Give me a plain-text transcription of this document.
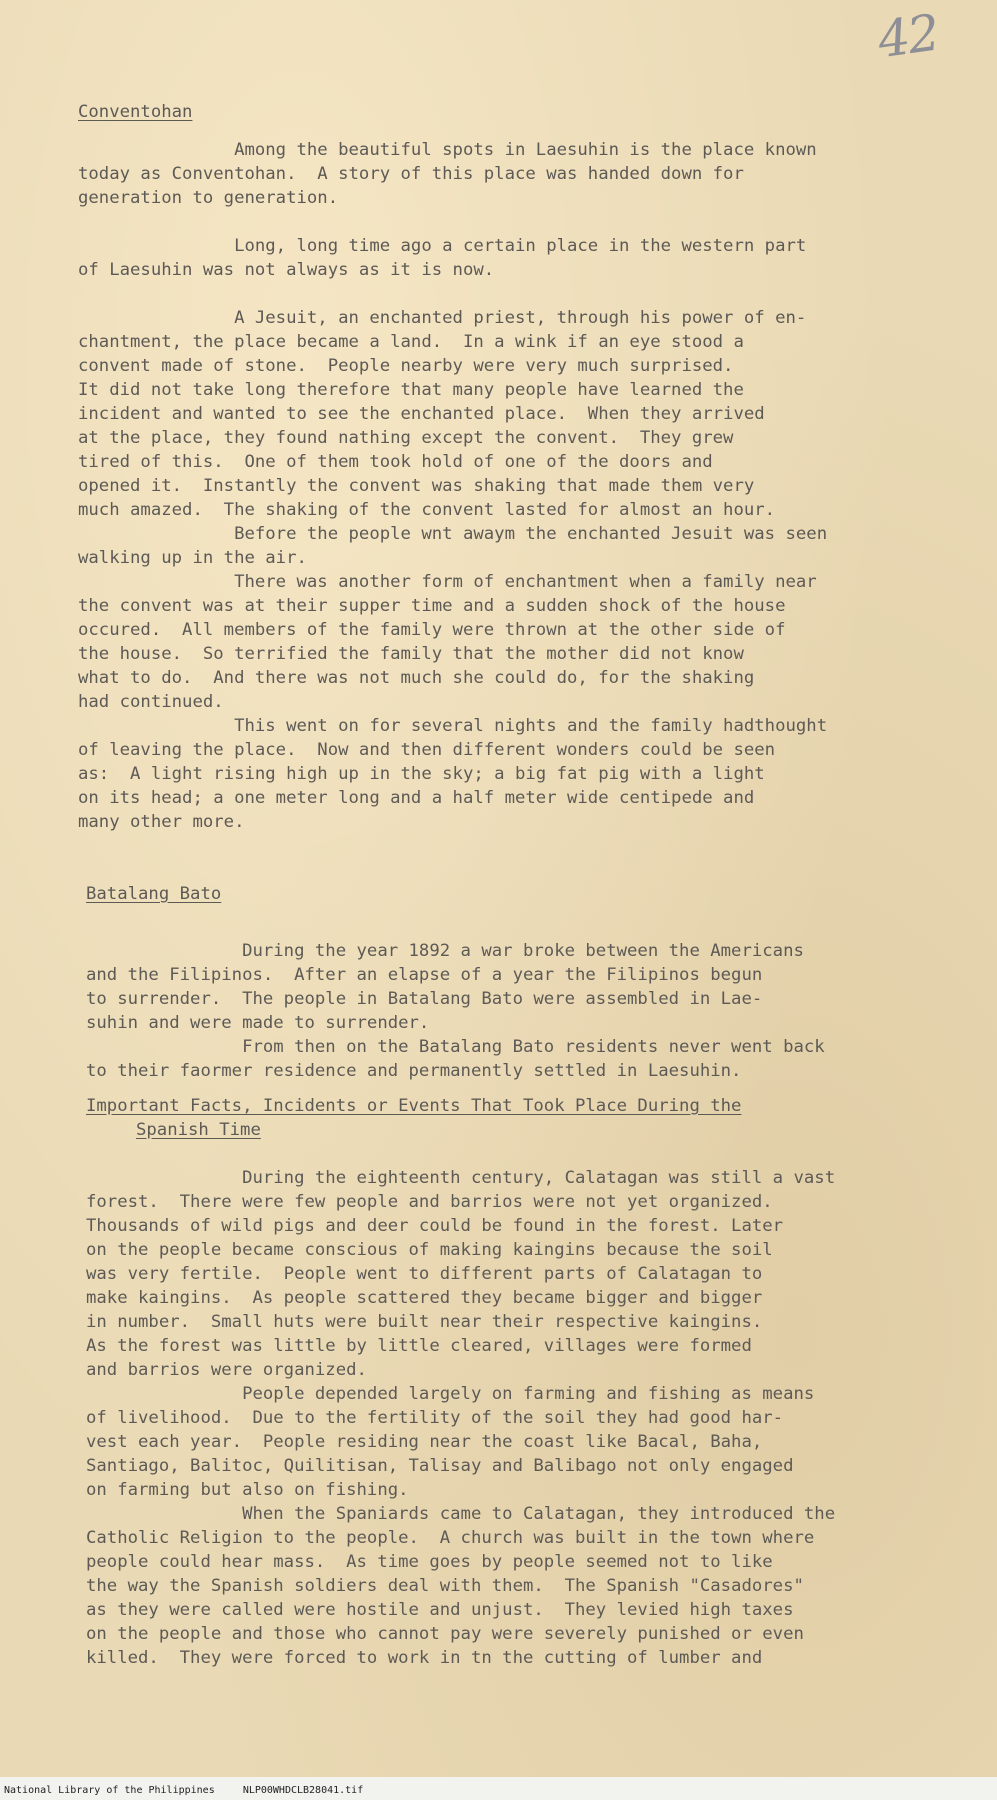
42
Conventohan
Among the beautiful spots in Laesuhin is the place known
today as Conventohan.  A story of this place was handed down for
generation to generation.
Long, long time ago a certain place in the western part
of Laesuhin was not always as it is now.
A Jesuit, an enchanted priest, through his power of en-
chantment, the place became a land.  In a wink if an eye stood a
convent made of stone.  People nearby were very much surprised.
It did not take long therefore that many people have learned the
incident and wanted to see the enchanted place.  When they arrived
at the place, they found nathing except the convent.  They grew
tired of this.  One of them took hold of one of the doors and
opened it.  Instantly the convent was shaking that made them very
much amazed.  The shaking of the convent lasted for almost an hour.
Before the people wnt awaym the enchanted Jesuit was seen
walking up in the air.
There was another form of enchantment when a family near
the convent was at their supper time and a sudden shock of the house
occured.  All members of the family were thrown at the other side of
the house.  So terrified the family that the mother did not know
what to do.  And there was not much she could do, for the shaking
had continued.
This went on for several nights and the family hadthought
of leaving the place.  Now and then different wonders could be seen
as:  A light rising high up in the sky; a big fat pig with a light
on its head; a one meter long and a half meter wide centipede and
many other more.
Batalang Bato
During the year 1892 a war broke between the Americans
and the Filipinos.  After an elapse of a year the Filipinos begun
to surrender.  The people in Batalang Bato were assembled in Lae-
suhin and were made to surrender.
From then on the Batalang Bato residents never went back
to their faormer residence and permanently settled in Laesuhin.
Important Facts, Incidents or Events That Took Place During the
Spanish Time
During the eighteenth century, Calatagan was still a vast
forest.  There were few people and barrios were not yet organized.
Thousands of wild pigs and deer could be found in the forest. Later
on the people became conscious of making kaingins because the soil
was very fertile.  People went to different parts of Calatagan to
make kaingins.  As people scattered they became bigger and bigger
in number.  Small huts were built near their respective kaingins.
As the forest was little by little cleared, villages were formed
and barrios were organized.
People depended largely on farming and fishing as means
of livelihood.  Due to the fertility of the soil they had good har-
vest each year.  People residing near the coast like Bacal, Baha,
Santiago, Balitoc, Quilitisan, Talisay and Balibago not only engaged
on farming but also on fishing.
When the Spaniards came to Calatagan, they introduced the
Catholic Religion to the people.  A church was built in the town where
people could hear mass.  As time goes by people seemed not to like
the way the Spanish soldiers deal with them.  The Spanish "Casadores"
as they were called were hostile and unjust.  They levied high taxes
on the people and those who cannot pay were severely punished or even
killed.  They were forced to work in tn the cutting of lumber and
National Library of the Philippines	NLP00WHDCLB28041.tif
